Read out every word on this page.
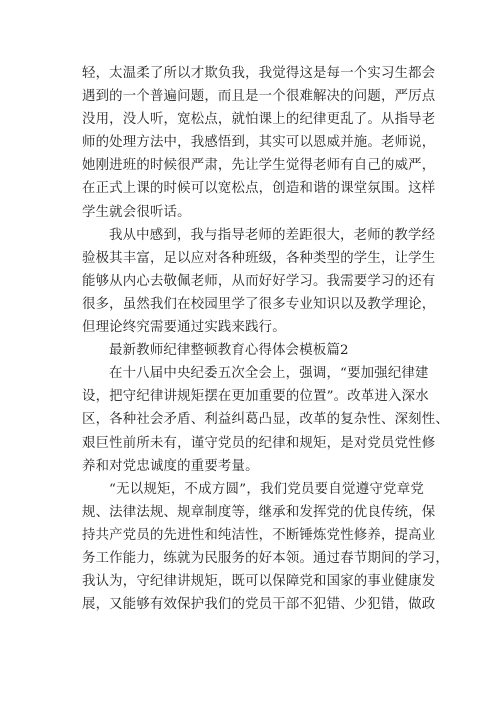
轻，太温柔了所以才欺负我，我觉得这是每一个实习生都会
遇到的一个普遍问题，而且是一个很难解决的问题，严厉点
没用，没人听，宽松点，就怕课上的纪律更乱了。从指导老
师的处理方法中，我感悟到，其实可以恩威并施。老师说，
她刚进班的时候很严肃，先让学生觉得老师有自己的威严，
在正式上课的时候可以宽松点，创造和谐的课堂氛围。这样
学生就会很听话。
我从中感到，我与指导老师的差距很大，老师的教学经
验极其丰富，足以应对各种班级，各种类型的学生，让学生
能够从内心去敬佩老师，从而好好学习。我需要学习的还有
很多，虽然我们在校园里学了很多专业知识以及教学理论，
但理论终究需要通过实践来践行。
最新教师纪律整顿教育心得体会模板篇2
在十八届中央纪委五次全会上，强调，“要加强纪律建
设，把守纪律讲规矩摆在更加重要的位置”。改革进入深水
区，各种社会矛盾、利益纠葛凸显，改革的复杂性、深刻性、
艰巨性前所未有，谨守党员的纪律和规矩，是对党员党性修
养和对党忠诚度的重要考量。
“无以规矩，不成方圆”，我们党员要自觉遵守党章党
规、法律法规、规章制度等，继承和发挥党的优良传统，保
持共产党员的先进性和纯洁性，不断锤炼党性修养，提高业
务工作能力，练就为民服务的好本领。通过春节期间的学习，
我认为，守纪律讲规矩，既可以保障党和国家的事业健康发
展，又能够有效保护我们的党员干部不犯错、少犯错，做政
